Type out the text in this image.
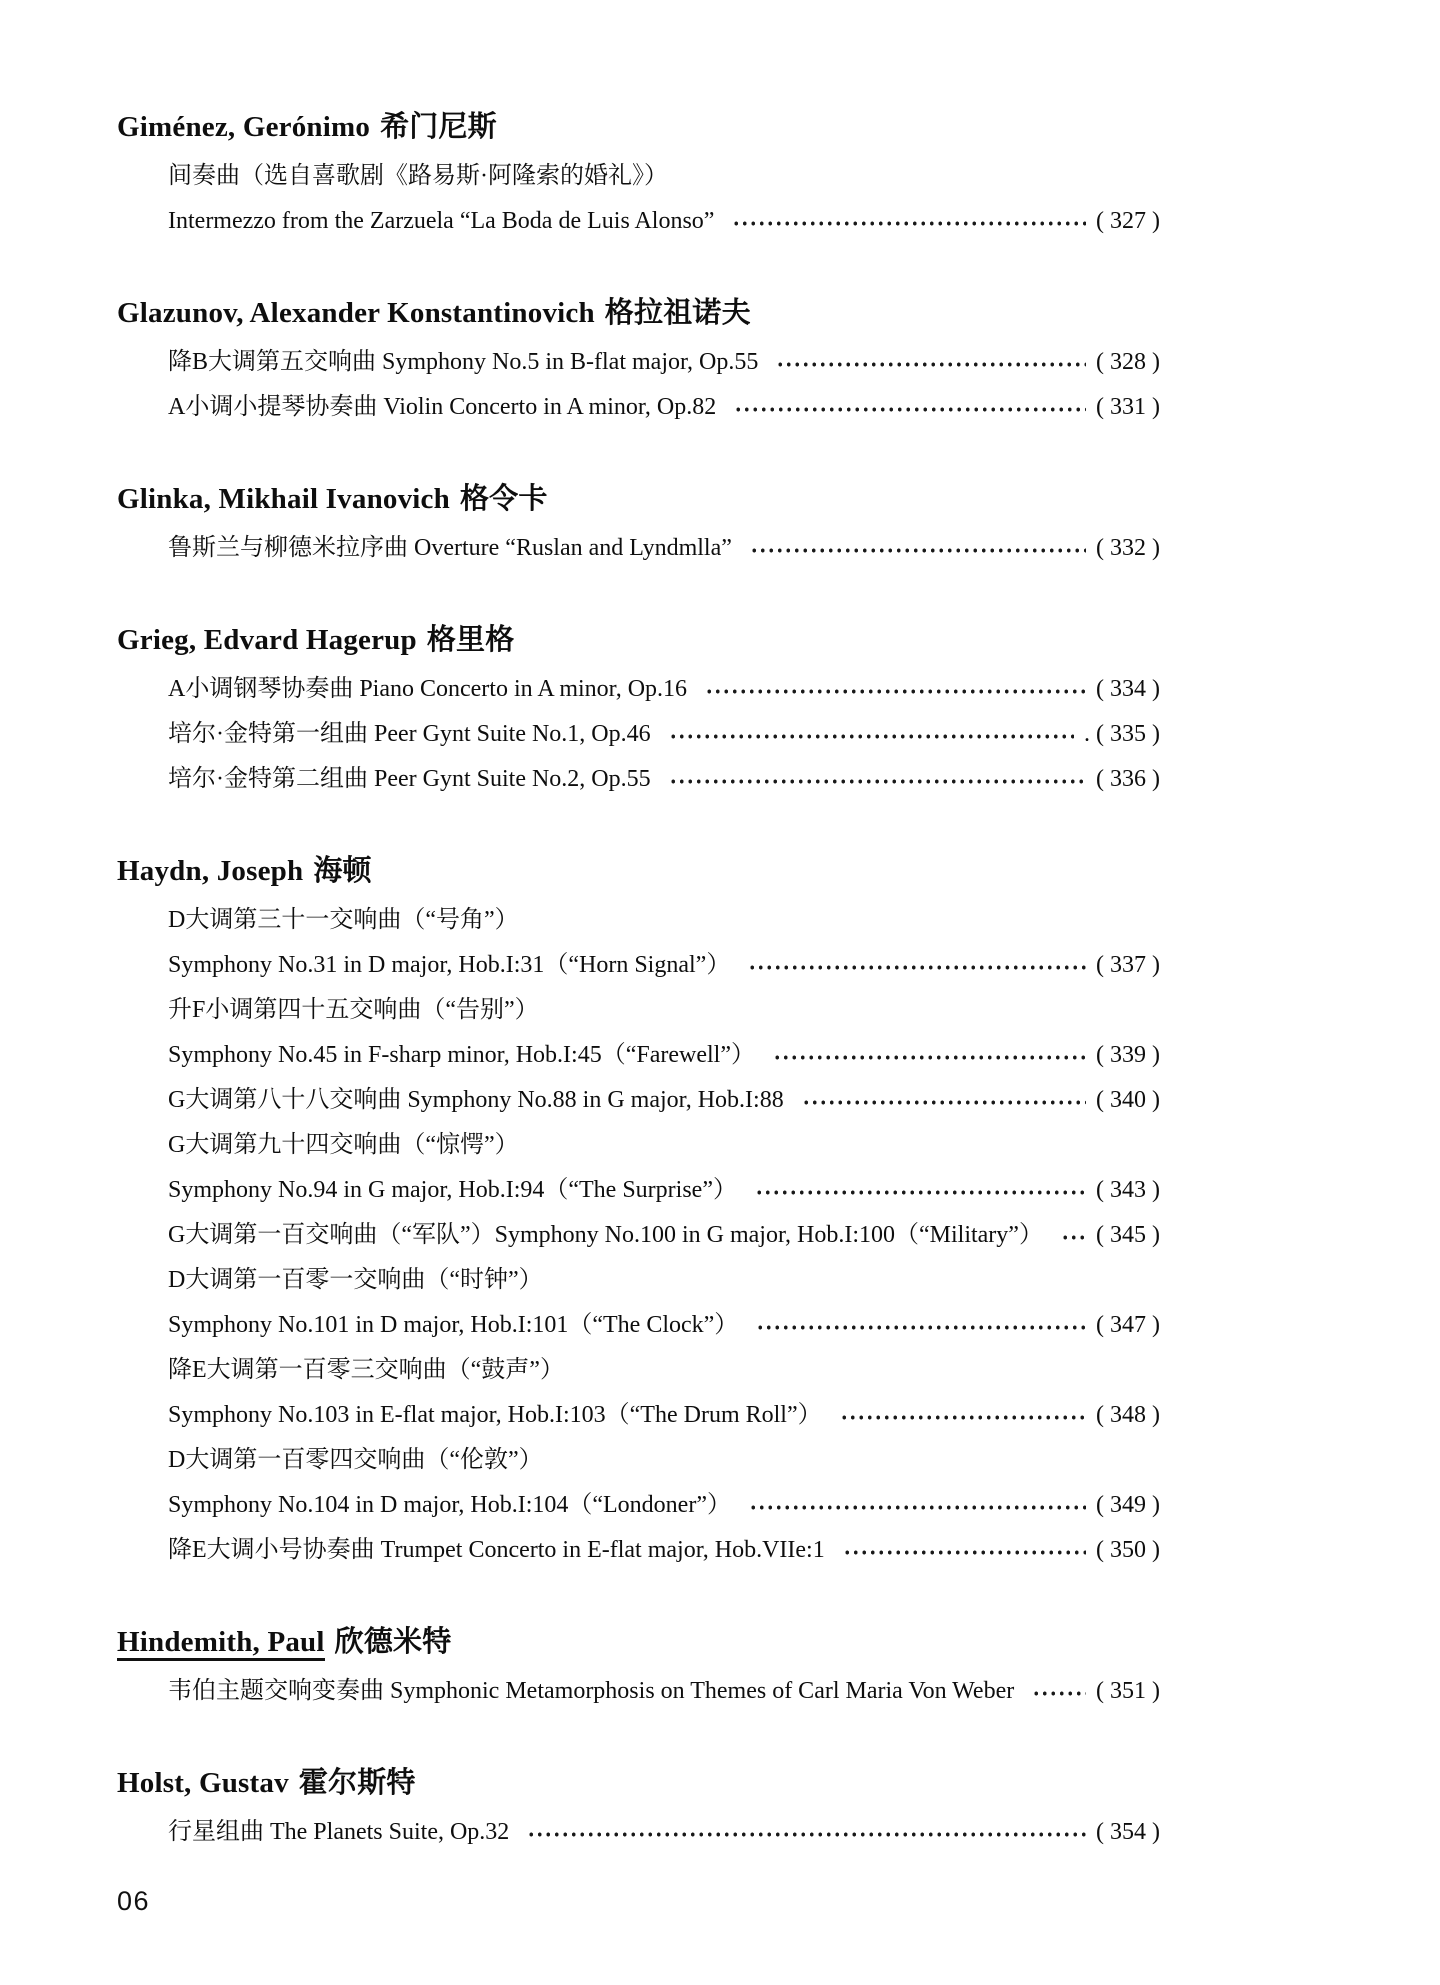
Giménez, Gerónimo 希门尼斯
间奏曲（选自喜歌剧《路易斯·阿隆索的婚礼》）
Intermezzo from the Zarzuela “La Boda de Luis Alonso”	( 327 )
Glazunov, Alexander Konstantinovich 格拉祖诺夫
降B大调第五交响曲 Symphony No.5 in B-flat major, Op.55	( 328 )
A小调小提琴协奏曲 Violin Concerto in A minor, Op.82	( 331 )
Glinka, Mikhail Ivanovich 格令卡
鲁斯兰与柳德米拉序曲 Overture “Ruslan and Lyndmlla”	( 332 )
Grieg, Edvard Hagerup 格里格
A小调钢琴协奏曲 Piano Concerto in A minor, Op.16	( 334 )
培尔·金特第一组曲 Peer Gynt Suite No.1, Op.46	. ( 335 )
培尔·金特第二组曲 Peer Gynt Suite No.2, Op.55	( 336 )
Haydn, Joseph 海顿
D大调第三十一交响曲（“号角”）
Symphony No.31 in D major, Hob.I:31（“Horn Signal”）	( 337 )
升F小调第四十五交响曲（“告别”）
Symphony No.45 in F-sharp minor, Hob.I:45（“Farewell”）	( 339 )
G大调第八十八交响曲 Symphony No.88 in G major, Hob.I:88	( 340 )
G大调第九十四交响曲（“惊愕”）
Symphony No.94 in G major, Hob.I:94（“The Surprise”）	( 343 )
G大调第一百交响曲（“军队”）Symphony No.100 in G major, Hob.I:100（“Military”） ( 345 )
D大调第一百零一交响曲（“时钟”）
Symphony No.101 in D major, Hob.I:101（“The Clock”）	( 347 )
降E大调第一百零三交响曲（“鼓声”）
Symphony No.103 in E-flat major, Hob.I:103（“The Drum Roll”）	( 348 )
D大调第一百零四交响曲（“伦敦”）
Symphony No.104 in D major, Hob.I:104（“Londoner”）	( 349 )
降E大调小号协奏曲 Trumpet Concerto in E-flat major, Hob.VIIe:1	( 350 )
Hindemith, Paul 欣德米特
韦伯主题交响变奏曲 Symphonic Metamorphosis on Themes of Carl Maria Von Weber	( 351 )
Holst, Gustav 霍尔斯特
行星组曲 The Planets Suite, Op.32	( 354 )
06
